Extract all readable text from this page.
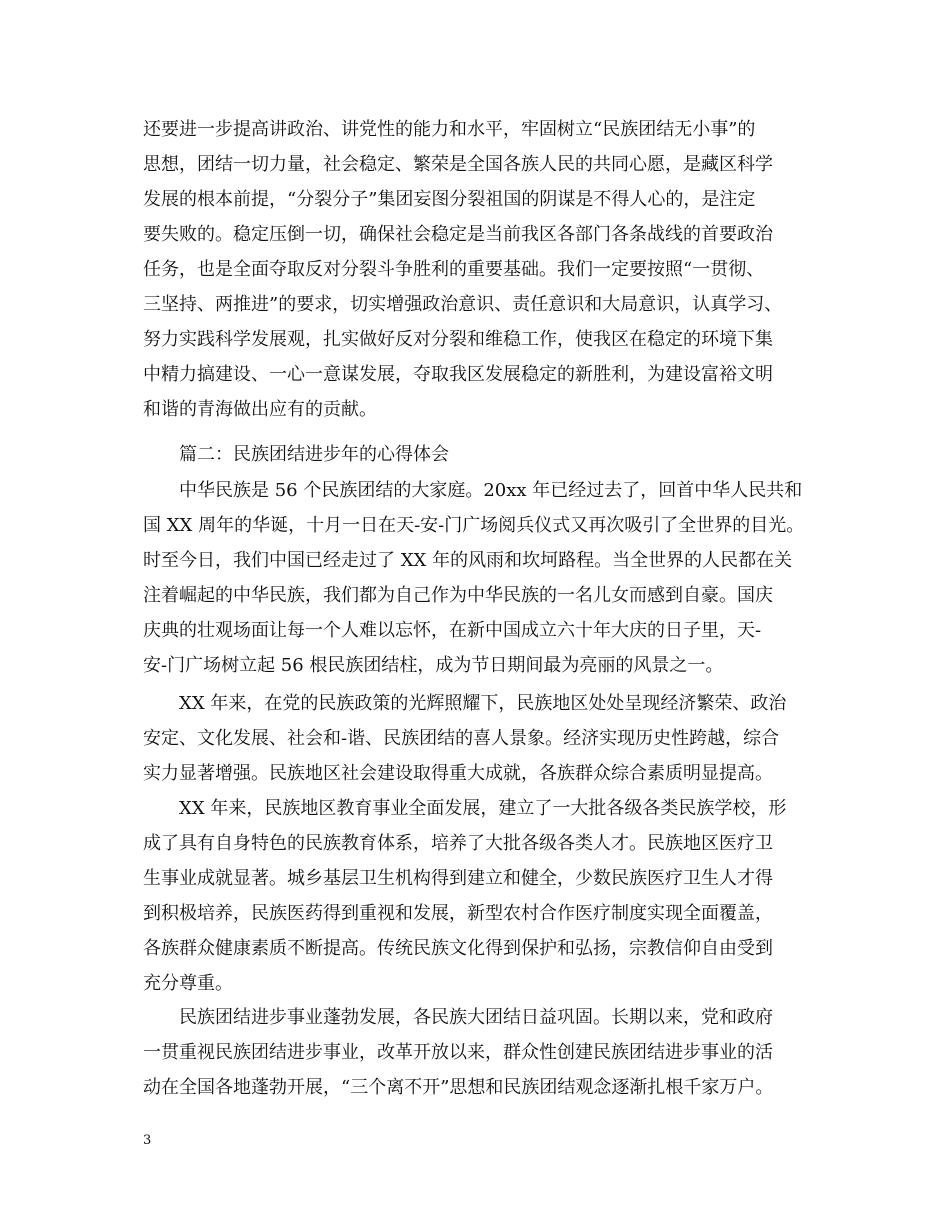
还要进一步提高讲政治、讲党性的能力和水平，牢固树立“民族团结无小事”的
思想，团结一切力量，社会稳定、繁荣是全国各族人民的共同心愿，是藏区科学
发展的根本前提，“分裂分子”集团妄图分裂祖国的阴谋是不得人心的，是注定
要失败的。稳定压倒一切，确保社会稳定是当前我区各部门各条战线的首要政治
任务，也是全面夺取反对分裂斗争胜利的重要基础。我们一定要按照“一贯彻、
三坚持、两推进”的要求，切实增强政治意识、责任意识和大局意识，认真学习、
努力实践科学发展观，扎实做好反对分裂和维稳工作，使我区在稳定的环境下集
中精力搞建设、一心一意谋发展，夺取我区发展稳定的新胜利，为建设富裕文明
和谐的青海做出应有的贡献。
　　篇二：民族团结进步年的心得体会
　　中华民族是 56 个民族团结的大家庭。20xx 年已经过去了，回首中华人民共和
国 XX 周年的华诞，十月一日在天-安-门广场阅兵仪式又再次吸引了全世界的目光。
时至今日，我们中国已经走过了 XX 年的风雨和坎坷路程。当全世界的人民都在关
注着崛起的中华民族，我们都为自己作为中华民族的一名儿女而感到自豪。国庆
庆典的壮观场面让每一个人难以忘怀，在新中国成立六十年大庆的日子里，天-
安-门广场树立起 56 根民族团结柱，成为节日期间最为亮丽的风景之一。
　　XX 年来，在党的民族政策的光辉照耀下，民族地区处处呈现经济繁荣、政治
安定、文化发展、社会和-谐、民族团结的喜人景象。经济实现历史性跨越，综合
实力显著增强。民族地区社会建设取得重大成就，各族群众综合素质明显提高。
　　XX 年来，民族地区教育事业全面发展，建立了一大批各级各类民族学校，形
成了具有自身特色的民族教育体系，培养了大批各级各类人才。民族地区医疗卫
生事业成就显著。城乡基层卫生机构得到建立和健全，少数民族医疗卫生人才得
到积极培养，民族医药得到重视和发展，新型农村合作医疗制度实现全面覆盖，
各族群众健康素质不断提高。传统民族文化得到保护和弘扬，宗教信仰自由受到
充分尊重。
　　民族团结进步事业蓬勃发展，各民族大团结日益巩固。长期以来，党和政府
一贯重视民族团结进步事业，改革开放以来，群众性创建民族团结进步事业的活
动在全国各地蓬勃开展，“三个离不开”思想和民族团结观念逐渐扎根千家万户。
3
